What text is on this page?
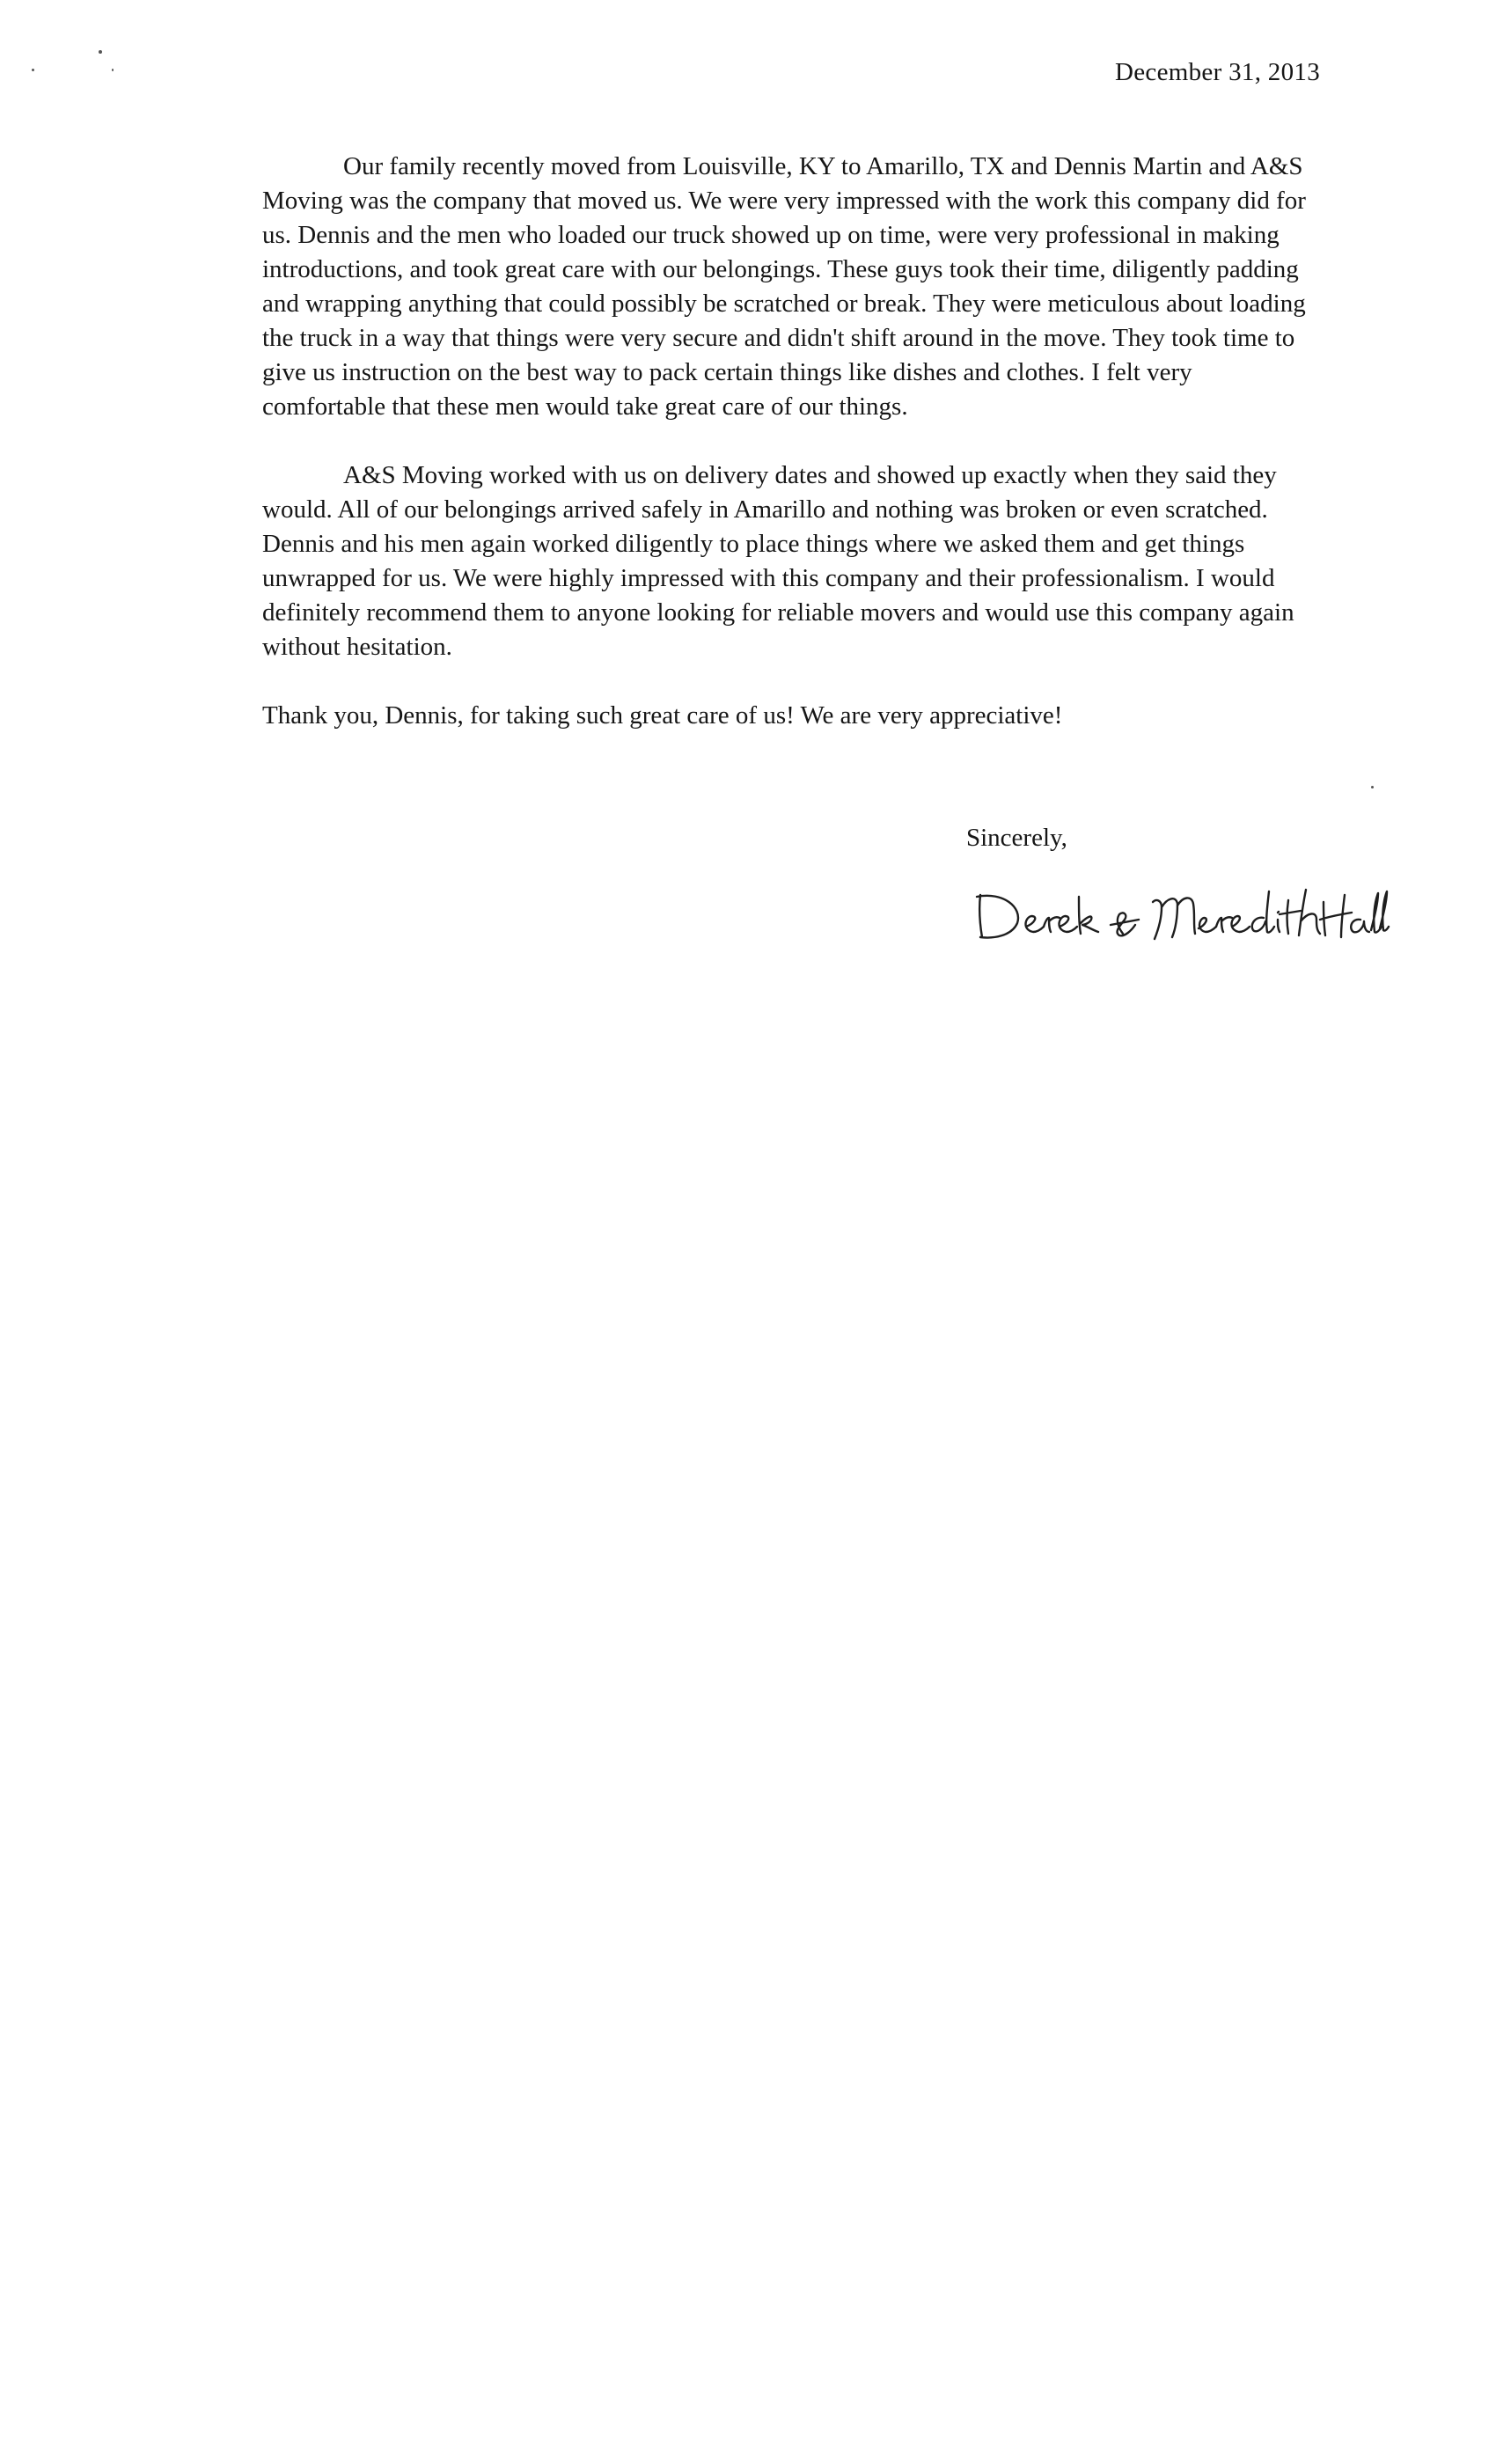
December 31, 2013

Our family recently moved from Louisville, KY to Amarillo, TX and Dennis Martin and A&S Moving was the company that moved us. We were very impressed with the work this company did for us. Dennis and the men who loaded our truck showed up on time, were very professional in making introductions, and took great care with our belongings. These guys took their time, diligently padding and wrapping anything that could possibly be scratched or break. They were meticulous about loading the truck in a way that things were very secure and didn't shift around in the move. They took time to give us instruction on the best way to pack certain things like dishes and clothes. I felt very comfortable that these men would take great care of our things.

A&S Moving worked with us on delivery dates and showed up exactly when they said they would. All of our belongings arrived safely in Amarillo and nothing was broken or even scratched. Dennis and his men again worked diligently to place things where we asked them and get things unwrapped for us. We were highly impressed with this company and their professionalism. I would definitely recommend them to anyone looking for reliable movers and would use this company again without hesitation.

Thank you, Dennis, for taking such great care of us! We are very appreciative!

Sincerely,
